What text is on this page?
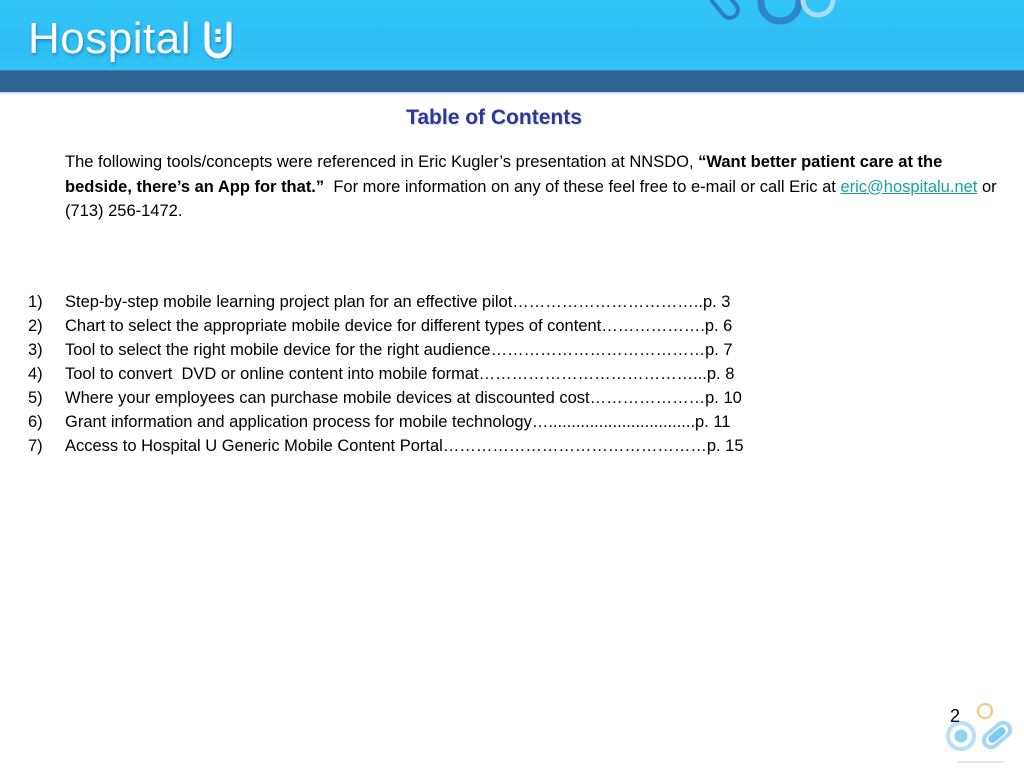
Hospital
Table of Contents
The following tools/concepts were referenced in Eric Kugler’s presentation at NNSDO, “Want better patient care at the bedside, there’s an App for that.”  For more information on any of these feel free to e-mail or call Eric at eric@hospitalu.net or (713) 256-1472.
1)	Step-by-step mobile learning project plan for an effective pilot……………………………..p. 3
2)	Chart to select the appropriate mobile device for different types of content……………….p. 6
3)	Tool to select the right mobile device for the right audience…………………………………p. 7
4)	Tool to convert  DVD or online content into mobile format…………………………………...p. 8
5)	Where your employees can purchase mobile devices at discounted cost…………………p. 10
6)	Grant information and application process for mobile technology…................................p. 11
7)	Access to Hospital U Generic Mobile Content Portal…………………………………………p. 15
2
